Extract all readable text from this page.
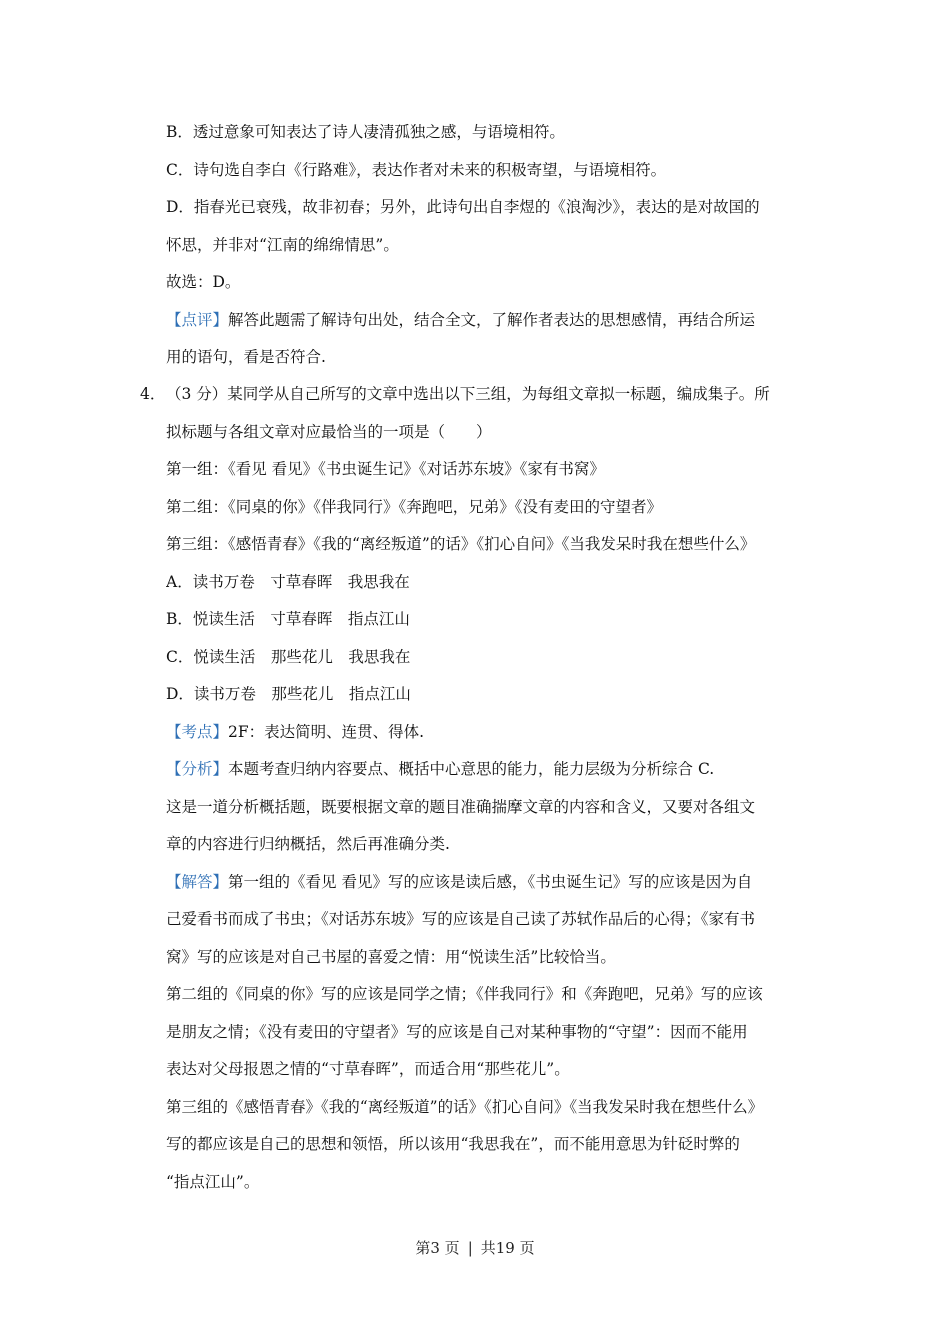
B．透过意象可知表达了诗人凄清孤独之感，与语境相符。
C．诗句选自李白《行路难》，表达作者对未来的积极寄望，与语境相符。
D．指春光已衰残，故非初春；另外，此诗句出自李煜的《浪淘沙》，表达的是对故国的
怀思，并非对“江南的绵绵情思”。
故选：D。
【点评】解答此题需了解诗句出处，结合全文，了解作者表达的思想感情，再结合所运
用的语句，看是否符合.
4．（3 分）某同学从自己所写的文章中选出以下三组，为每组文章拟一标题，编成集子。所
拟标题与各组文章对应最恰当的一项是（　　）
第一组：《看见 看见》《书虫诞生记》《对话苏东坡》《家有书窝》
第二组：《同桌的你》《伴我同行》《奔跑吧，兄弟》《没有麦田的守望者》
第三组：《感悟青春》《我的“离经叛道”的话》《扪心自问》《当我发呆时我在想些什么》
A．读书万卷　寸草春晖　我思我在
B．悦读生活　寸草春晖　指点江山
C．悦读生活　那些花儿　我思我在
D．读书万卷　那些花儿　指点江山
【考点】2F：表达简明、连贯、得体.
【分析】本题考查归纳内容要点、概括中心意思的能力，能力层级为分析综合 C.
这是一道分析概括题，既要根据文章的题目准确揣摩文章的内容和含义，又要对各组文
章的内容进行归纳概括，然后再准确分类.
【解答】第一组的《看见 看见》写的应该是读后感，《书虫诞生记》写的应该是因为自
己爱看书而成了书虫；《对话苏东坡》写的应该是自己读了苏轼作品后的心得；《家有书
窝》写的应该是对自己书屋的喜爱之情：用“悦读生活”比较恰当。
第二组的《同桌的你》写的应该是同学之情；《伴我同行》和《奔跑吧，兄弟》写的应该
是朋友之情；《没有麦田的守望者》写的应该是自己对某种事物的“守望”：因而不能用
表达对父母报恩之情的“寸草春晖”，而适合用“那些花儿”。
第三组的《感悟青春》《我的“离经叛道”的话》《扪心自问》《当我发呆时我在想些什么》
写的都应该是自己的思想和领悟，所以该用“我思我在”，而不能用意思为针砭时弊的
“指点江山”。
第3 页 | 共19 页
